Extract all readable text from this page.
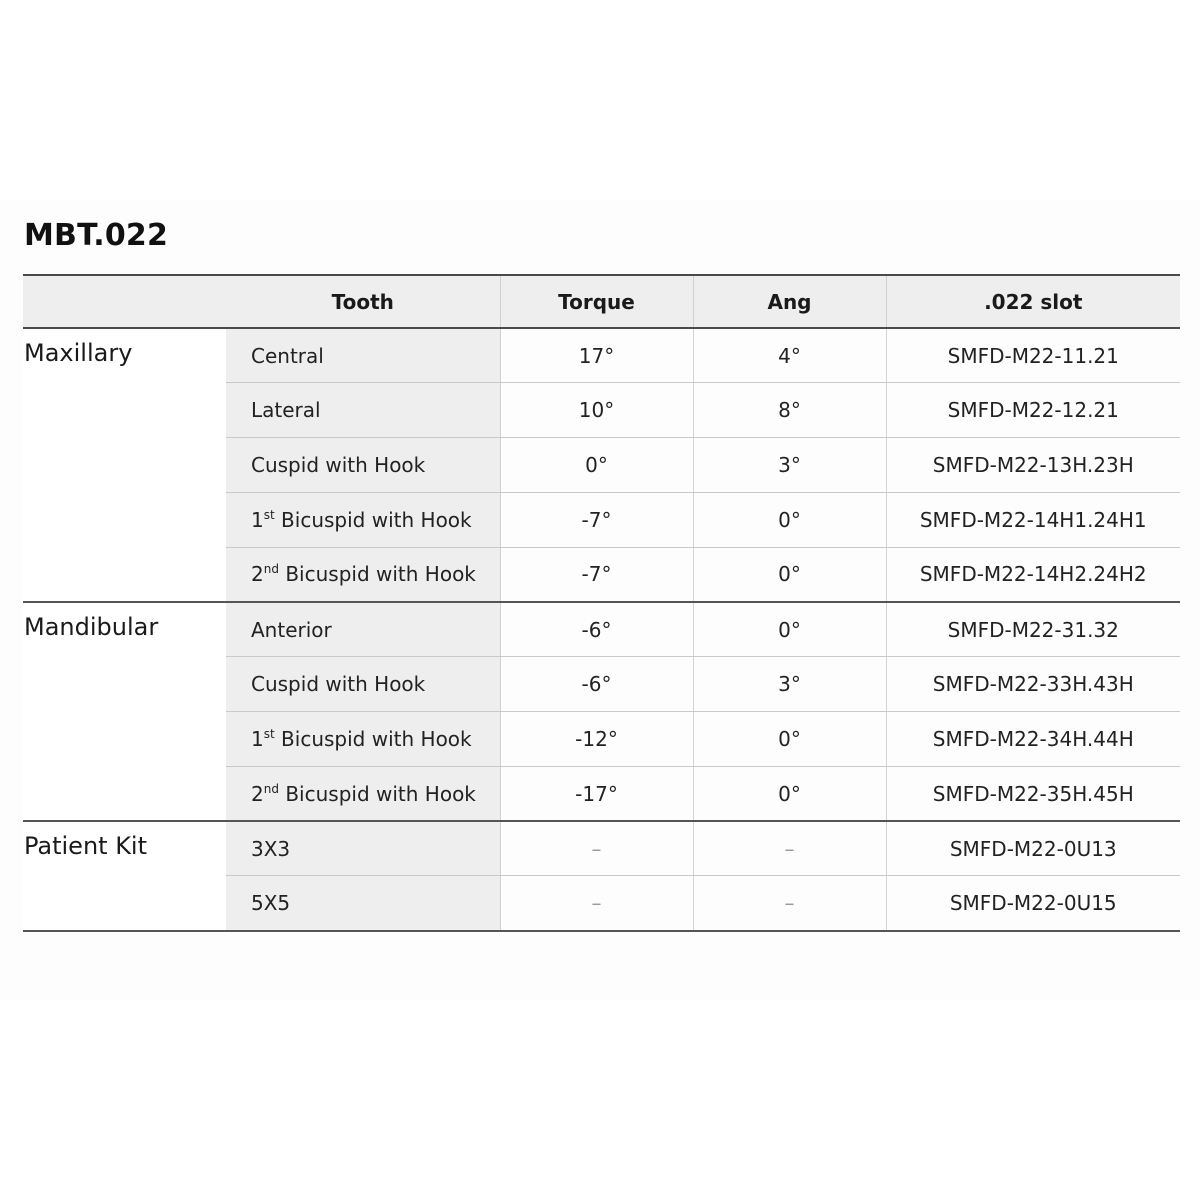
MBT.022
	Tooth	Torque	Ang	.022 slot
Maxillary	Central	17°	4°	SMFD-M22-11.21
	Lateral	10°	8°	SMFD-M22-12.21
	Cuspid with Hook	0°	3°	SMFD-M22-13H.23H
	1st Bicuspid with Hook	-7°	0°	SMFD-M22-14H1.24H1
	2nd Bicuspid with Hook	-7°	0°	SMFD-M22-14H2.24H2
Mandibular	Anterior	-6°	0°	SMFD-M22-31.32
	Cuspid with Hook	-6°	3°	SMFD-M22-33H.43H
	1st Bicuspid with Hook	-12°	0°	SMFD-M22-34H.44H
	2nd Bicuspid with Hook	-17°	0°	SMFD-M22-35H.45H
Patient Kit	3X3	–	–	SMFD-M22-0U13
	5X5	–	–	SMFD-M22-0U15
